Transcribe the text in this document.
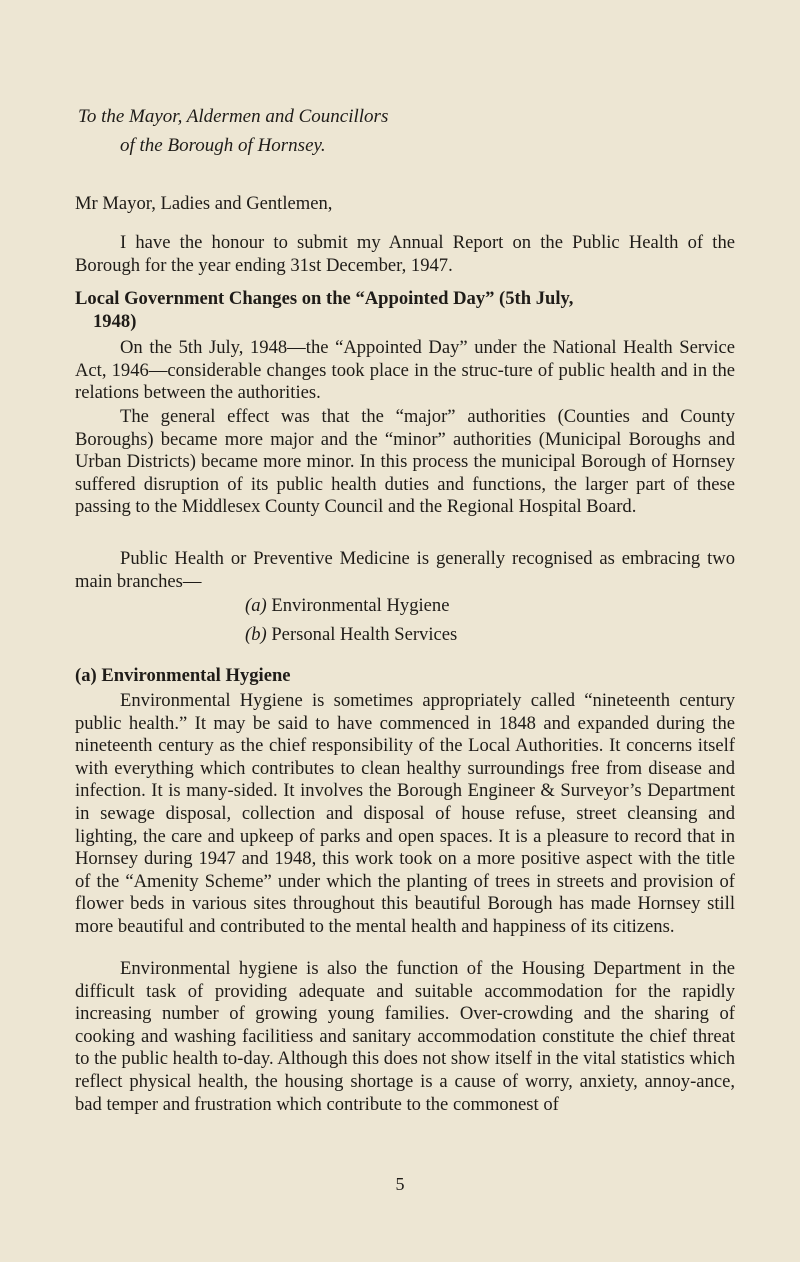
To the Mayor, Aldermen and Councillors

of the Borough of Hornsey.

Mr Mayor, Ladies and Gentlemen,

I have the honour to submit my Annual Report on the Public Health of the Borough for the year ending 31st December, 1947.

Local Government Changes on the “Appointed Day” (5th July,
1948)

On the 5th July, 1948—the “Appointed Day” under the National Health Service Act, 1946—considerable changes took place in the struc-ture of public health and in the relations between the authorities.

The general effect was that the “major” authorities (Counties and County Boroughs) became more major and the “minor” authorities (Municipal Boroughs and Urban Districts) became more minor. In this process the municipal Borough of Hornsey suffered disruption of its public health duties and functions, the larger part of these passing to the Middlesex County Council and the Regional Hospital Board.

Public Health or Preventive Medicine is generally recognised as embracing two main branches—

(a) Environmental Hygiene
(b) Personal Health Services

(a) Environmental Hygiene

Environmental Hygiene is sometimes appropriately called “nineteenth century public health.” It may be said to have commenced in 1848 and expanded during the nineteenth century as the chief responsibility of the Local Authorities. It concerns itself with everything which contributes to clean healthy surroundings free from disease and infection. It is many-sided. It involves the Borough Engineer & Surveyor’s Department in sewage disposal, collection and disposal of house refuse, street cleansing and lighting, the care and upkeep of parks and open spaces. It is a pleasure to record that in Hornsey during 1947 and 1948, this work took on a more positive aspect with the title of the “Amenity Scheme” under which the planting of trees in streets and provision of flower beds in various sites throughout this beautiful Borough has made Hornsey still more beautiful and contributed to the mental health and happiness of its citizens.

Environmental hygiene is also the function of the Housing Department in the difficult task of providing adequate and suitable accommodation for the rapidly increasing number of growing young families. Over-crowding and the sharing of cooking and washing facilitiess and sanitary accommodation constitute the chief threat to the public health to-day. Although this does not show itself in the vital statistics which reflect physical health, the housing shortage is a cause of worry, anxiety, annoy-ance, bad temper and frustration which contribute to the commonest of

5
